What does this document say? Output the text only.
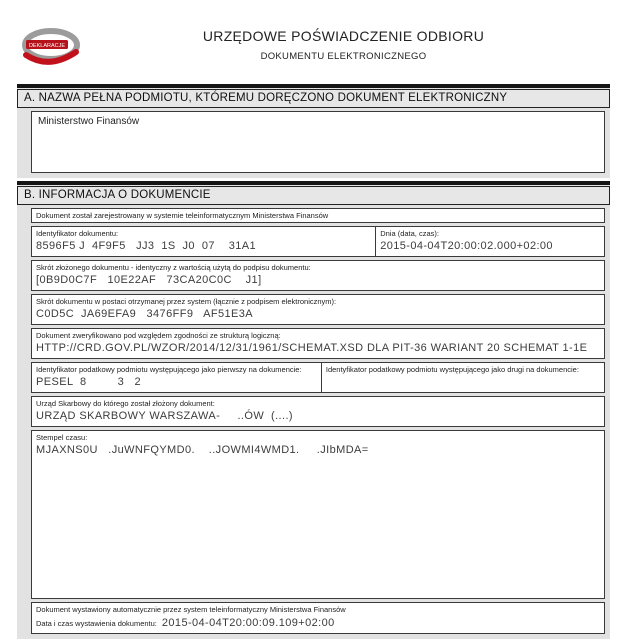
DEKLARACJE
URZĘDOWE POŚWIADCZENIE ODBIORU
DOKUMENTU ELEKTRONICZNEGO
A. NAZWA PEŁNA PODMIOTU, KTÓREMU DORĘCZONO DOKUMENT ELEKTRONICZNY
Ministerstwo Finansów
B. INFORMACJA O DOKUMENCIE
Dokument został zarejestrowany w systemie teleinformatycznym Ministerstwa Finansów
Identyfikator dokumentu:
8596F5 J  4F9F5   JJ3  1S  J0  07    31A1
Dnia (data, czas):
2015-04-04T20:00:02.000+02:00
Skrót złożonego dokumentu - identyczny z wartością użytą do podpisu dokumentu:
[0B9D0C7F   10E22AF   73CA20C0C    J1]
Skrót dokumentu w postaci otrzymanej przez system (łącznie z podpisem elektronicznym):
C0D5C  JA69EFA9   3476FF9   AF51E3A
Dokument zweryfikowano pod względem zgodności ze strukturą logiczną:
HTTP://CRD.GOV.PL/WZOR/2014/12/31/1961/SCHEMAT.XSD DLA PIT-36 WARIANT 20 SCHEMAT 1-1E
Identyfikator podatkowy podmiotu występującego jako pierwszy na dokumencie:
PESEL  8         3   2
Identyfikator podatkowy podmiotu występującego jako drugi na dokumencie:
Urząd Skarbowy do którego został złożony dokument:
URZĄD SKARBOWY WARSZAWA-     ..ÓW  (....)
Stempel czasu:
MJAXNS0U   .JuWNFQYMD0.    ..JOWMI4WMD1.     .JIbMDA=
Dokument wystawiony automatycznie przez system teleinformatyczny Ministerstwa Finansów
Data i czas wystawienia dokumentu: 2015-04-04T20:00:09.109+02:00
